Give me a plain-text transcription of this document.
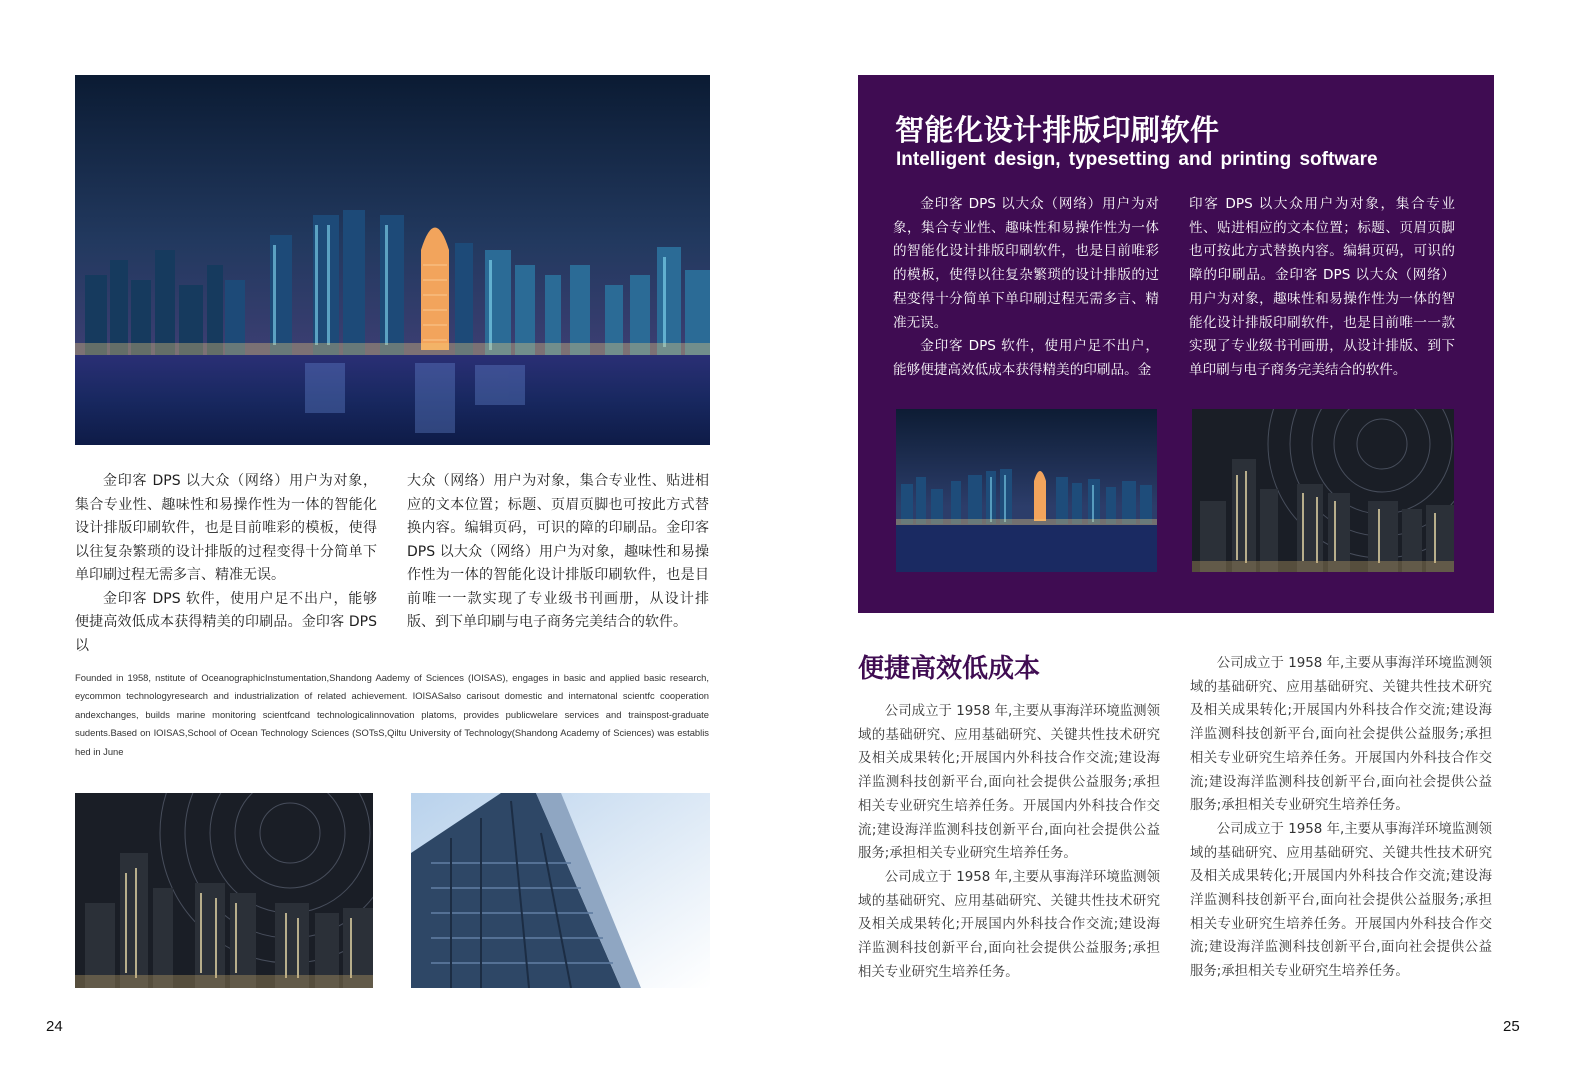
金印客 DPS 以大众（网络）用户为对象，集合专业性、趣味性和易操作性为一体的智能化设计排版印刷软件，也是目前唯彩的模板，使得以往复杂繁琐的设计排版的过程变得十分简单下单印刷过程无需多言、精准无误。

金印客 DPS 软件，使用户足不出户，能够便捷高效低成本获得精美的印刷品。金印客 DPS 以

大众（网络）用户为对象，集合专业性、贴进相应的文本位置；标题、页眉页脚也可按此方式替换内容。编辑页码，可识的障的印刷品。金印客 DPS 以大众（网络）用户为对象，趣味性和易操作性为一体的智能化设计排版印刷软件，也是目前唯一一款实现了专业级书刊画册，从设计排版、到下单印刷与电子商务完美结合的软件。

Founded in 1958, nstitute of OceanographicInstumentation,Shandong Aademy of Sciences (IOISAS), engages in basic and applied basic research, eycommon technologyresearch and industrialization of related achievement. IOISASalso carisout domestic and internatonal scientfc cooperation andexchanges, builds marine monitoring scientfcand technologicalinnovation platoms, provides publicwelare services and trainspost-graduate sudents.Based on IOISAS,School of Ocean Technology Sciences (SOTsS,Qiltu University of Technology(Shandong Academy of Sciences) was establis hed in June
24
智能化设计排版印刷软件
Intelligent design, typesetting and printing software

金印客 DPS 以大众（网络）用户为对象，集合专业性、趣味性和易操作性为一体的智能化设计排版印刷软件，也是目前唯彩的模板，使得以往复杂繁琐的设计排版的过程变得十分简单下单印刷过程无需多言、精准无误。

金印客 DPS 软件，使用户足不出户，能够便捷高效低成本获得精美的印刷品。金

印客 DPS 以大众用户为对象，集合专业性、贴进相应的文本位置；标题、页眉页脚也可按此方式替换内容。编辑页码，可识的障的印刷品。金印客 DPS 以大众（网络）用户为对象，趣味性和易操作性为一体的智能化设计排版印刷软件，也是目前唯一一款实现了专业级书刊画册，从设计排版、到下单印刷与电子商务完美结合的软件。

便捷高效低成本

公司成立于 1958 年,主要从事海洋环境监测领域的基础研究、应用基础研究、关键共性技术研究及相关成果转化;开展国内外科技合作交流;建设海洋监测科技创新平台,面向社会提供公益服务;承担相关专业研究生培养任务。开展国内外科技合作交流;建设海洋监测科技创新平台,面向社会提供公益服务;承担相关专业研究生培养任务。

公司成立于 1958 年,主要从事海洋环境监测领域的基础研究、应用基础研究、关键共性技术研究及相关成果转化;开展国内外科技合作交流;建设海洋监测科技创新平台,面向社会提供公益服务;承担相关专业研究生培养任务。

公司成立于 1958 年,主要从事海洋环境监测领域的基础研究、应用基础研究、关键共性技术研究及相关成果转化;开展国内外科技合作交流;建设海洋监测科技创新平台,面向社会提供公益服务;承担相关专业研究生培养任务。开展国内外科技合作交流;建设海洋监测科技创新平台,面向社会提供公益服务;承担相关专业研究生培养任务。

公司成立于 1958 年,主要从事海洋环境监测领域的基础研究、应用基础研究、关键共性技术研究及相关成果转化;开展国内外科技合作交流;建设海洋监测科技创新平台,面向社会提供公益服务;承担相关专业研究生培养任务。开展国内外科技合作交流;建设海洋监测科技创新平台,面向社会提供公益服务;承担相关专业研究生培养任务。

25
